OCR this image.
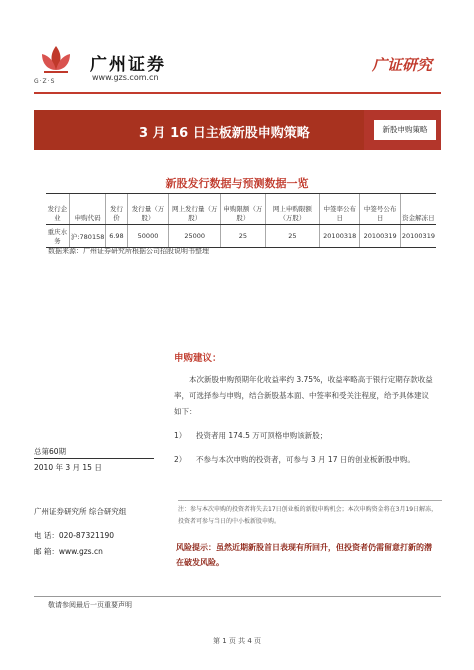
G·Z·S
广州证券
www.gzs.com.cn
广证研究
3 月 16 日主板新股申购策略	新股申购策略
新股发行数据与预测数据一览
发行企业	申购代码	发行价	发行量（万股）	网上发行量（万股）	申购限额（万股）	网上申购限额（万股）	中签率公布日	中签号公布日	资金解冻日
重庆水务	沪:780158	6.98	50000	25000	25	25	20100318	20100319	20100319
数据来源：广州证券研究所根据公司招股说明书整理
总第60期
2010 年 3 月 15 日
广州证券研究所 综合研究组
电 话：020-87321190
邮 箱：www.gzs.cn
申购建议：
本次新股申购预期年化收益率约 3.75%，收益率略高于银行定期存款收益率，可选择参与申购，结合新股基本面、中签率和受关注程度，给予具体建议如下：
1） 投资者用 174.5 万可顶格申购该新股；
2） 不参与本次申购的投资者，可参与 3 月 17 日的创业板新股申购。
注：参与本次申购的投资者将失去17日创业板的新股申购机会；本次申购资金将在3月19日解冻，投资者可参与当日的中小板新股申购。
风险提示：虽然近期新股首日表现有所回升，但投资者仍需留意打新的潜在破发风险。
敬请参阅最后一页重要声明
第 1 页 共 4 页
